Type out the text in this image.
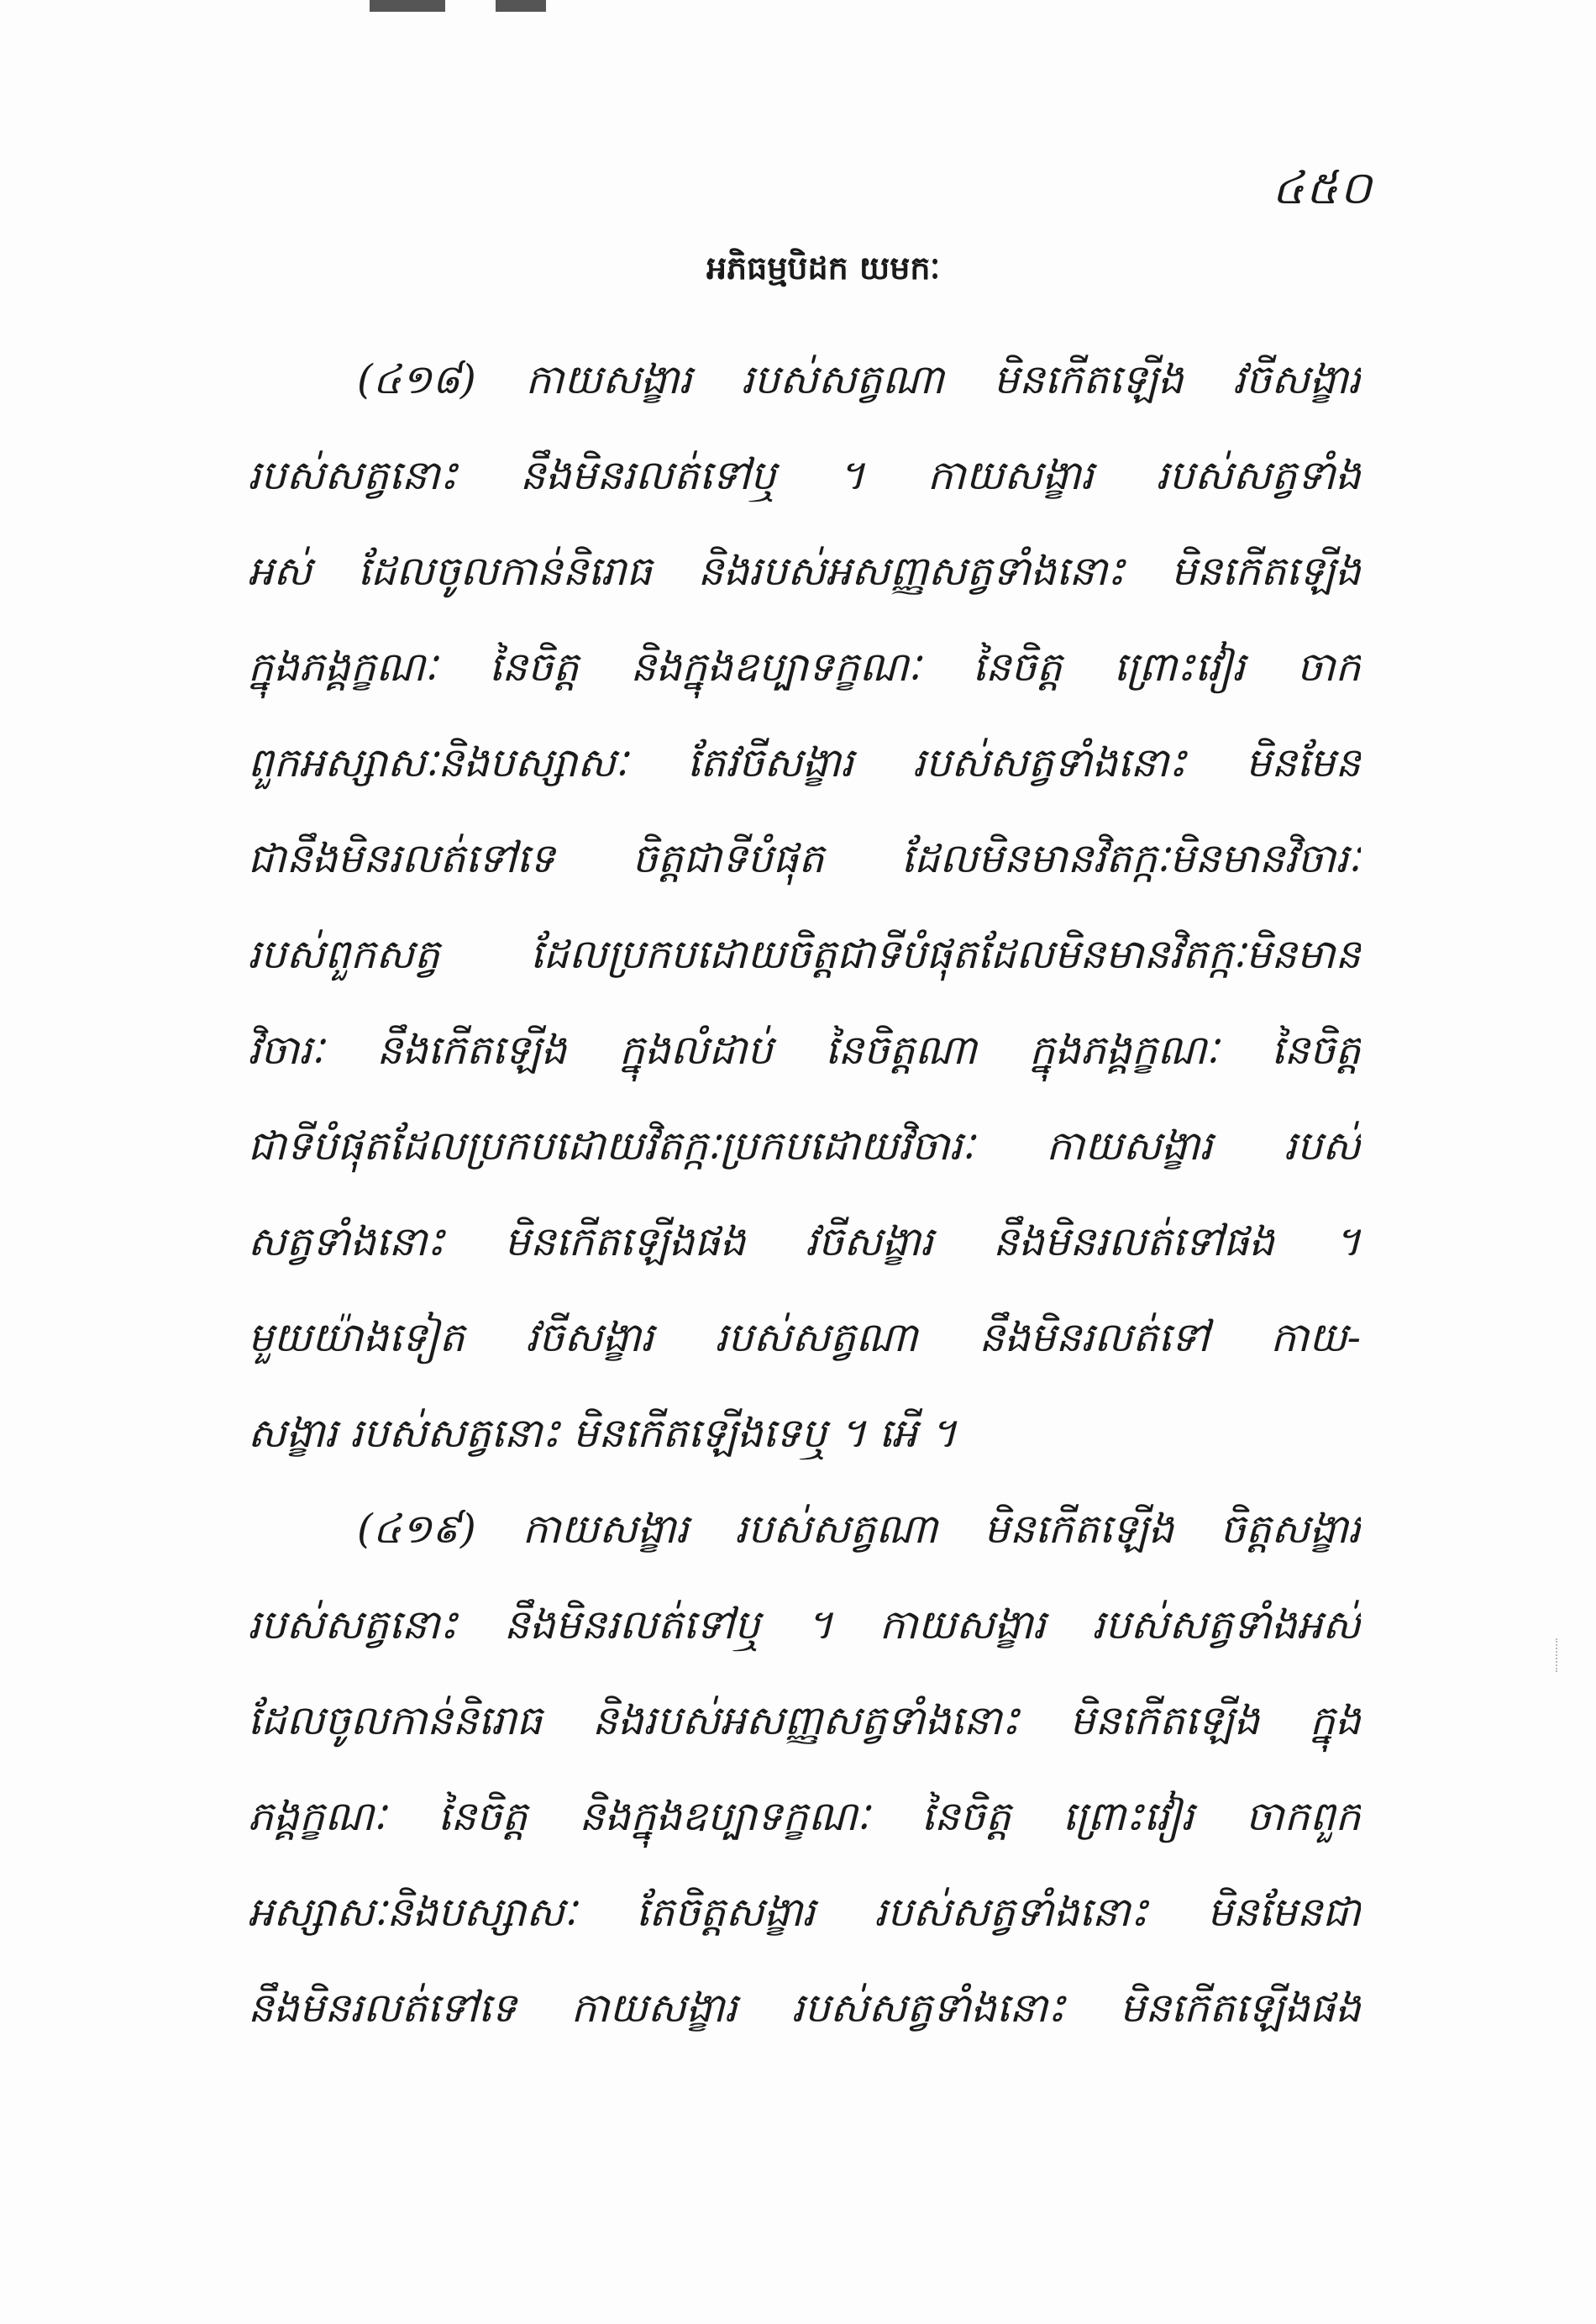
៤៥០
អភិធម្មបិដក យមកៈ
(៤១៨) កាយសង្ខារ របស់សត្វណា មិនកើតឡើង វចីសង្ខារ
របស់សត្វនោះ នឹងមិនរលត់ទៅឬ ។ កាយសង្ខារ របស់សត្វទាំង
អស់ ដែលចូលកាន់និរោធ និងរបស់អសញ្ញសត្វទាំងនោះ មិនកើតឡើង
ក្នុងភង្គក្ខណៈ នៃចិត្ត និងក្នុងឧប្បាទក្ខណៈ នៃចិត្ត ព្រោះវៀរ ចាក
ពួកអស្សាសៈនិងបស្សាសៈ តែវចីសង្ខារ របស់សត្វទាំងនោះ មិនមែន
ជានឹងមិនរលត់ទៅទេ ចិត្តជាទីបំផុត ដែលមិនមានវិតក្កៈមិនមានវិចារៈ
របស់ពួកសត្វ ដែលប្រកបដោយចិត្តជាទីបំផុតដែលមិនមានវិតក្កៈមិនមាន
វិចារៈ នឹងកើតឡើង ក្នុងលំដាប់ នៃចិត្តណា ក្នុងភង្គក្ខណៈ នៃចិត្ត
ជាទីបំផុតដែលប្រកបដោយវិតក្កៈប្រកបដោយវិចារៈ កាយសង្ខារ របស់
សត្វទាំងនោះ មិនកើតឡើងផង វចីសង្ខារ នឹងមិនរលត់ទៅផង ។
មួយយ៉ាងទៀត វចីសង្ខារ របស់សត្វណា នឹងមិនរលត់ទៅ កាយ-
សង្ខារ របស់សត្វនោះ មិនកើតឡើងទេឬ ។ អើ ។
(៤១៩) កាយសង្ខារ របស់សត្វណា មិនកើតឡើង ចិត្តសង្ខារ
របស់សត្វនោះ នឹងមិនរលត់ទៅឬ ។ កាយសង្ខារ របស់សត្វទាំងអស់
ដែលចូលកាន់និរោធ និងរបស់អសញ្ញសត្វទាំងនោះ មិនកើតឡើង ក្នុង
ភង្គក្ខណៈ នៃចិត្ត និងក្នុងឧប្បាទក្ខណៈ នៃចិត្ត ព្រោះវៀរ ចាកពួក
អស្សាសៈនិងបស្សាសៈ តែចិត្តសង្ខារ របស់សត្វទាំងនោះ មិនមែនជា
នឹងមិនរលត់ទៅទេ កាយសង្ខារ របស់សត្វទាំងនោះ មិនកើតឡើងផង
